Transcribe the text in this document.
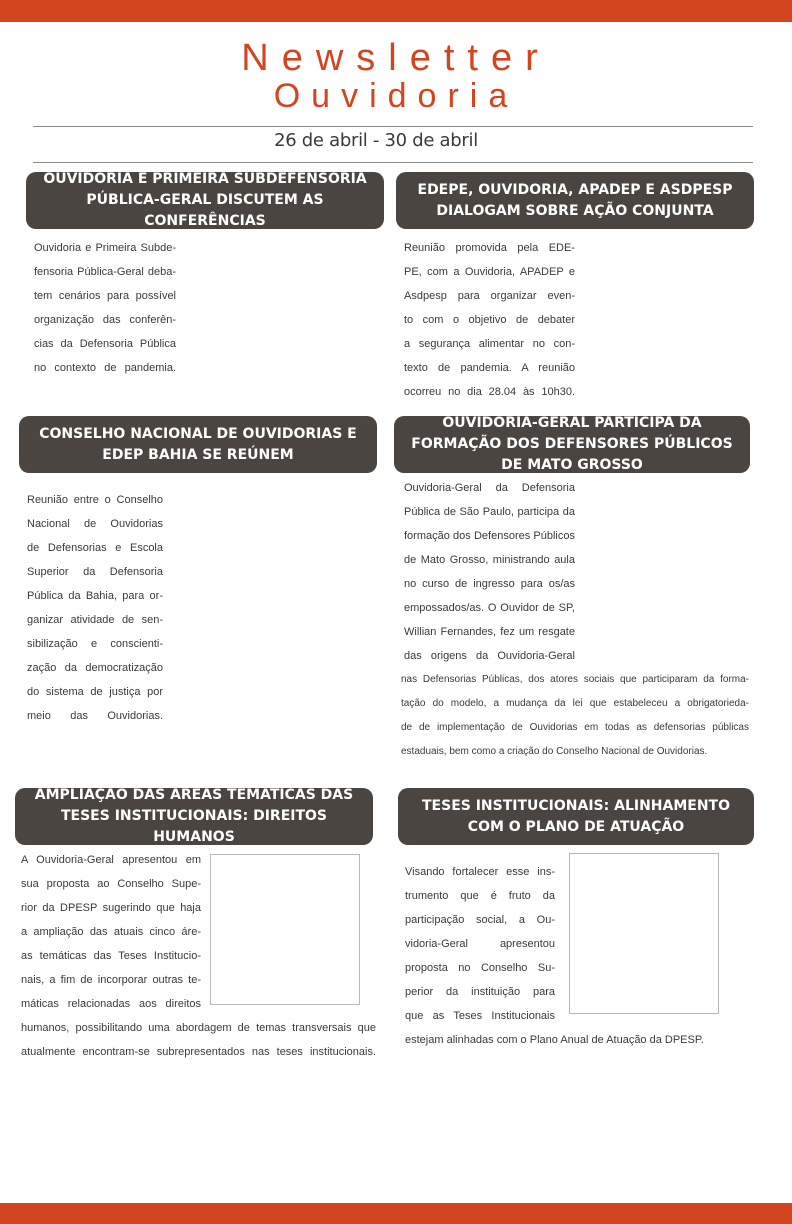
Newsletter
Ouvidoria
26 de abril - 30 de abril
OUVIDORIA E PRIMEIRA SUBDEFENSORIA PÚBLICA-GERAL DISCUTEM AS CONFERÊNCIAS
Ouvidoria e Primeira Subde-
fensoria Pública-Geral deba-
tem cenários para possível
organização das conferên-
cias da Defensoria Pública
no contexto de pandemia.
EDEPE, OUVIDORIA, APADEP E ASDPESP DIALOGAM SOBRE AÇÃO CONJUNTA
Reunião promovida pela EDE-
PE, com a Ouvidoria, APADEP e
Asdpesp para organizar even-
to com o objetivo de debater
a segurança alimentar no con-
texto de pandemia. A reunião
ocorreu no dia 28.04 às 10h30.
CONSELHO NACIONAL DE OUVIDORIAS E EDEP BAHIA SE REÚNEM
Reunião entre o Conselho
Nacional de Ouvidorias
de Defensorias e Escola
Superior da Defensoria
Pública da Bahia, para or-
ganizar atividade de sen-
sibilização e conscienti-
zação da democratização
do sistema de justiça por
meio das Ouvidorias.
OUVIDORIA-GERAL PARTICIPA DA FORMAÇÃO DOS DEFENSORES PÚBLICOS DE MATO GROSSO
Ouvidoria-Geral da Defensoria
Pública de São Paulo, participa da
formação dos Defensores Públicos
de Mato Grosso, ministrando aula
no curso de ingresso para os/as
empossados/as. O Ouvidor de SP,
Willian Fernandes, fez um resgate
das origens da Ouvidoria-Geral
nas Defensorias Públicas, dos atores sociais que participaram da forma-
tação do modelo, a mudança da lei que estabeleceu a obrigatorieda-
de de implementação de Ouvidorias em todas as defensorias públicas
estaduais, bem como a criação do Conselho Nacional de Ouvidorias.
AMPLIAÇÃO DAS ÁREAS TEMÁTICAS DAS TESES INSTITUCIONAIS: DIREITOS HUMANOS
A Ouvidoria-Geral apresentou em
sua proposta ao Conselho Supe-
rior da DPESP sugerindo que haja
a ampliação das atuais cinco áre-
as temáticas das Teses Institucio-
nais, a fim de incorporar outras te-
máticas relacionadas aos direitos
humanos, possibilitando uma abordagem de temas transversais que
atualmente encontram-se subrepresentados nas teses institucionais.
TESES INSTITUCIONAIS: ALINHAMENTO COM O PLANO DE ATUAÇÃO
Visando fortalecer esse ins-
trumento que é fruto da
participação social, a Ou-
vidoria-Geral apresentou
proposta no Conselho Su-
perior da instituição para
que as Teses Institucionais
estejam alinhadas com o Plano Anual de Atuação da DPESP.
